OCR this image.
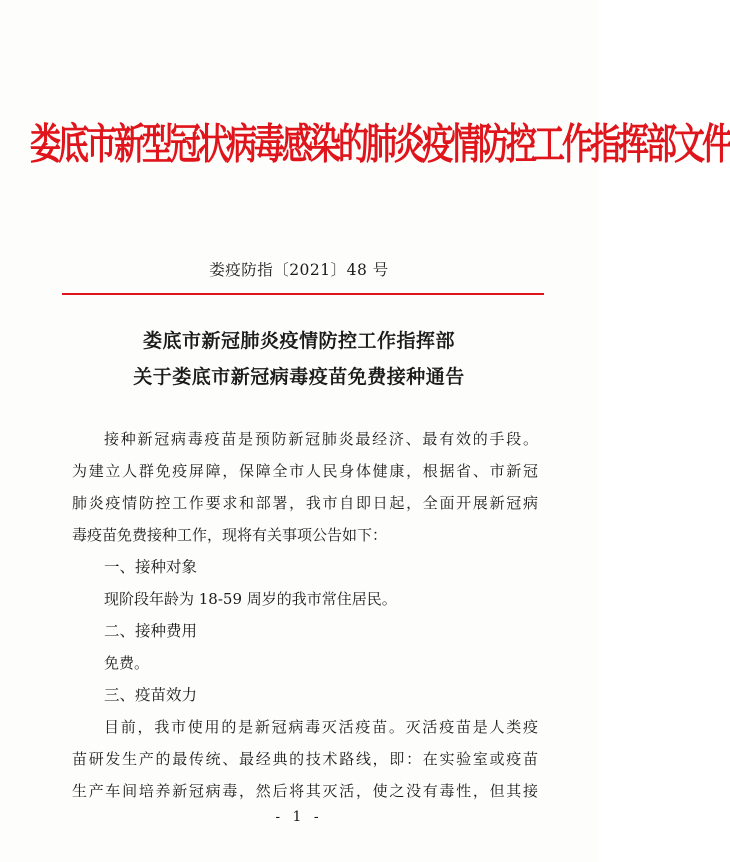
娄底市新型冠状病毒感染的肺炎疫情防控工作指挥部文件
娄疫防指〔2021〕48 号
娄底市新冠肺炎疫情防控工作指挥部
关于娄底市新冠病毒疫苗免费接种通告
接种新冠病毒疫苗是预防新冠肺炎最经济、最有效的手段。
为建立人群免疫屏障，保障全市人民身体健康，根据省、市新冠
肺炎疫情防控工作要求和部署，我市自即日起，全面开展新冠病
毒疫苗免费接种工作，现将有关事项公告如下：
一、接种对象
现阶段年龄为 18-59 周岁的我市常住居民。
二、接种费用
免费。
三、疫苗效力
目前，我市使用的是新冠病毒灭活疫苗。灭活疫苗是人类疫
苗研发生产的最传统、最经典的技术路线，即：在实验室或疫苗
生产车间培养新冠病毒，然后将其灭活，使之没有毒性，但其接
- 1 -
